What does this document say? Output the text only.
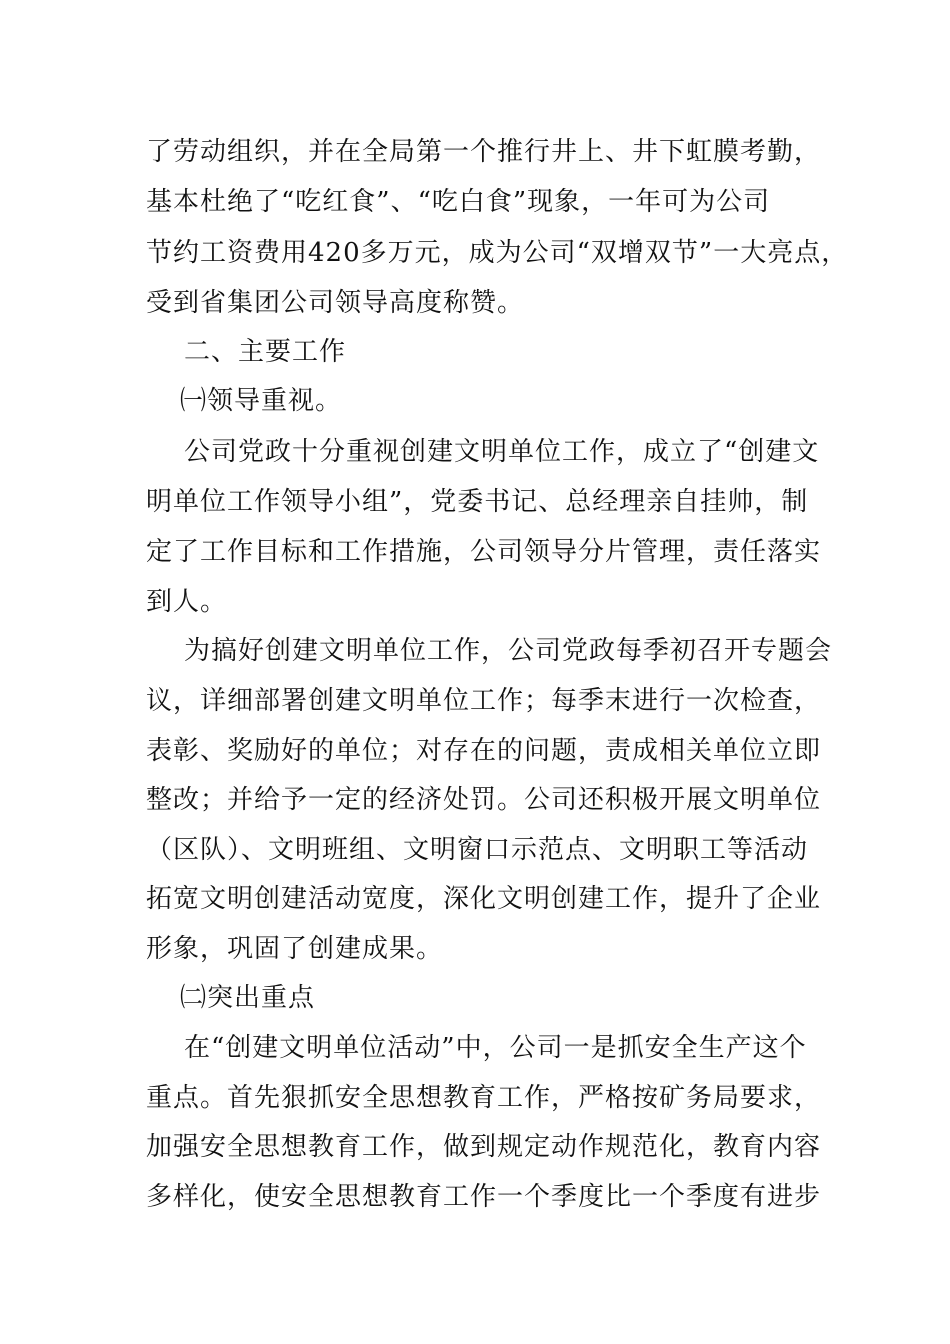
了劳动组织，并在全局第一个推行井上、井下虹膜考勤，
基本杜绝了“吃红食”、“吃白食”现象，一年可为公司
节约工资费用420多万元，成为公司“双增双节”一大亮点，
受到省集团公司领导高度称赞。
二、主要工作
㈠领导重视。
公司党政十分重视创建文明单位工作，成立了“创建文
明单位工作领导小组”，党委书记、总经理亲自挂帅，制
定了工作目标和工作措施，公司领导分片管理，责任落实
到人。
为搞好创建文明单位工作，公司党政每季初召开专题会
议，详细部署创建文明单位工作；每季末进行一次检查，
表彰、奖励好的单位；对存在的问题，责成相关单位立即
整改；并给予一定的经济处罚。公司还积极开展文明单位
（区队）、文明班组、文明窗口示范点、文明职工等活动
拓宽文明创建活动宽度，深化文明创建工作，提升了企业
形象，巩固了创建成果。
㈡突出重点
在“创建文明单位活动”中，公司一是抓安全生产这个
重点。首先狠抓安全思想教育工作，严格按矿务局要求，
加强安全思想教育工作，做到规定动作规范化，教育内容
多样化，使安全思想教育工作一个季度比一个季度有进步
